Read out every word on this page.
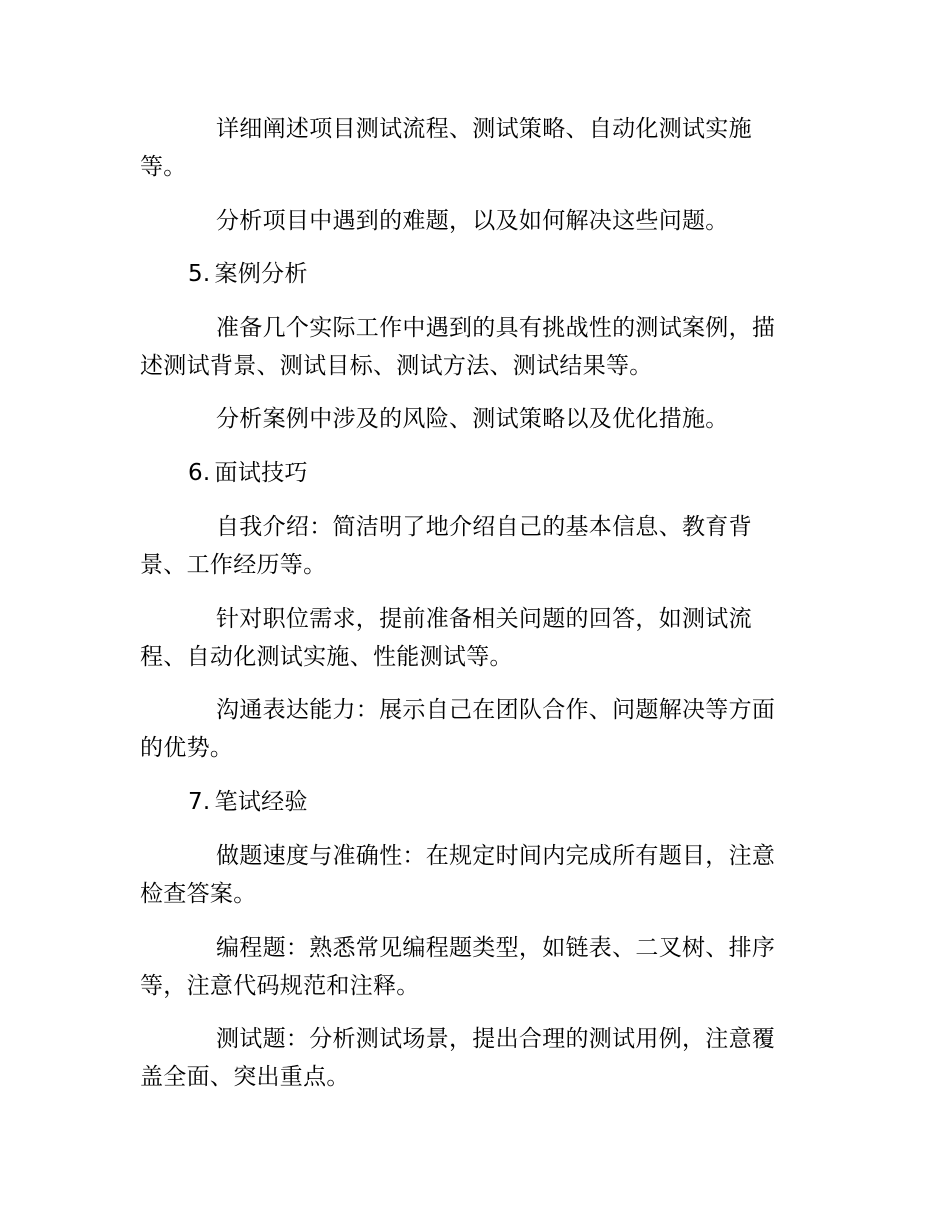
详细阐述项目测试流程、测试策略、自动化测试实施等。

分析项目中遇到的难题，以及如何解决这些问题。

5. 案例分析

准备几个实际工作中遇到的具有挑战性的测试案例，描述测试背景、测试目标、测试方法、测试结果等。

分析案例中涉及的风险、测试策略以及优化措施。

6. 面试技巧

自我介绍：简洁明了地介绍自己的基本信息、教育背景、工作经历等。

针对职位需求，提前准备相关问题的回答，如测试流程、自动化测试实施、性能测试等。

沟通表达能力：展示自己在团队合作、问题解决等方面的优势。

7. 笔试经验

做题速度与准确性：在规定时间内完成所有题目，注意检查答案。

编程题：熟悉常见编程题类型，如链表、二叉树、排序等，注意代码规范和注释。

测试题：分析测试场景，提出合理的测试用例，注意覆盖全面、突出重点。
